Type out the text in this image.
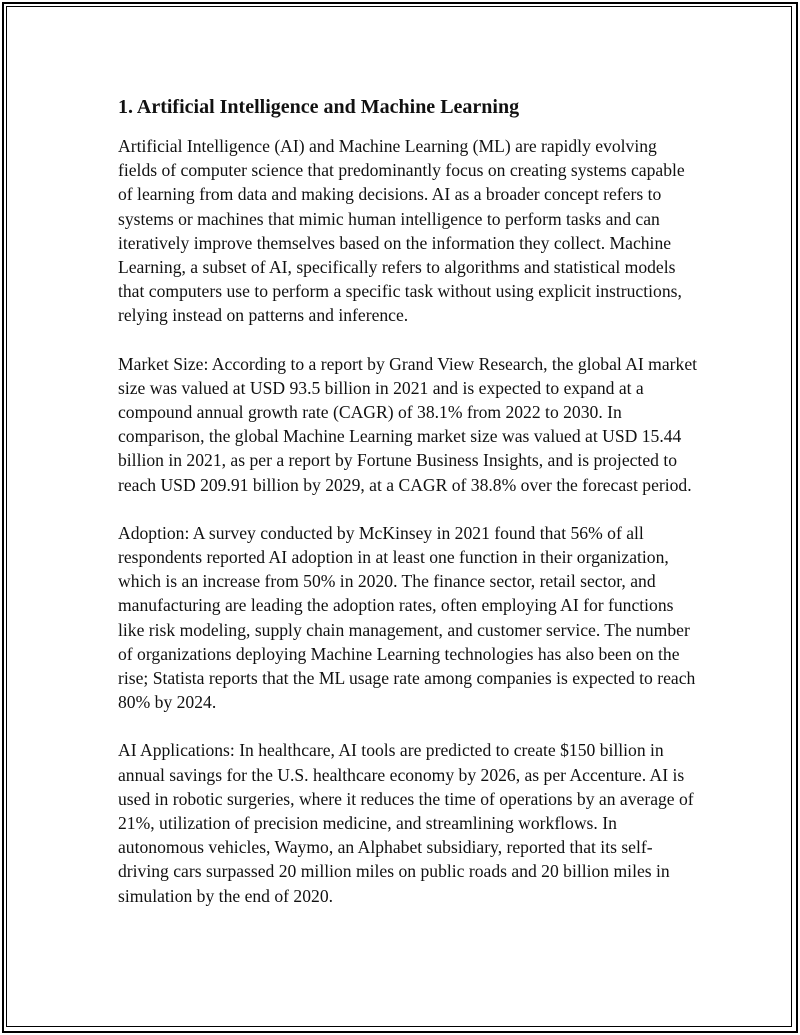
1. Artificial Intelligence and Machine Learning

Artificial Intelligence (AI) and Machine Learning (ML) are rapidly evolving fields of computer science that predominantly focus on creating systems capable of learning from data and making decisions. AI as a broader concept refers to systems or machines that mimic human intelligence to perform tasks and can iteratively improve themselves based on the information they collect. Machine Learning, a subset of AI, specifically refers to algorithms and statistical models that computers use to perform a specific task without using explicit instructions, relying instead on patterns and inference.

Market Size: According to a report by Grand View Research, the global AI market size was valued at USD 93.5 billion in 2021 and is expected to expand at a compound annual growth rate (CAGR) of 38.1% from 2022 to 2030. In comparison, the global Machine Learning market size was valued at USD 15.44 billion in 2021, as per a report by Fortune Business Insights, and is projected to reach USD 209.91 billion by 2029, at a CAGR of 38.8% over the forecast period.

Adoption: A survey conducted by McKinsey in 2021 found that 56% of all respondents reported AI adoption in at least one function in their organization, which is an increase from 50% in 2020. The finance sector, retail sector, and manufacturing are leading the adoption rates, often employing AI for functions like risk modeling, supply chain management, and customer service. The number of organizations deploying Machine Learning technologies has also been on the rise; Statista reports that the ML usage rate among companies is expected to reach 80% by 2024.

AI Applications: In healthcare, AI tools are predicted to create $150 billion in annual savings for the U.S. healthcare economy by 2026, as per Accenture. AI is used in robotic surgeries, where it reduces the time of operations by an average of 21%, utilization of precision medicine, and streamlining workflows. In autonomous vehicles, Waymo, an Alphabet subsidiary, reported that its self-driving cars surpassed 20 million miles on public roads and 20 billion miles in simulation by the end of 2020.
